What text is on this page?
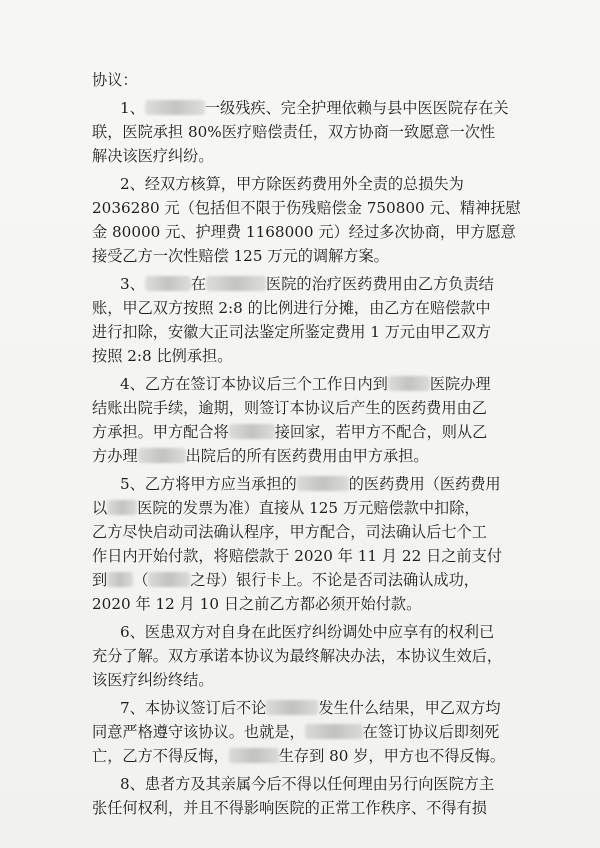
协议：
1、	一级残疾、完全护理依赖与县中医医院存在关
联，医院承担 80%医疗赔偿责任，双方协商一致愿意一次性
解决该医疗纠纷。
2、经双方核算，甲方除医药费用外全责的总损失为
2036280 元（包括但不限于伤残赔偿金 750800 元、精神抚慰
金 80000 元、护理费 1168000 元）经过多次协商，甲方愿意
接受乙方一次性赔偿 125 万元的调解方案。
3、	在	医院的治疗医药费用由乙方负责结
账，甲乙双方按照 2:8 的比例进行分摊，由乙方在赔偿款中
进行扣除，安徽大正司法鉴定所鉴定费用 1 万元由甲乙双方
按照 2:8 比例承担。
4、乙方在签订本协议后三个工作日内到	医院办理
结账出院手续，逾期，则签订本协议后产生的医药费用由乙
方承担。甲方配合将	接回家，若甲方不配合，则从乙
方办理	出院后的所有医药费用由甲方承担。
5、乙方将甲方应当承担的	的医药费用（医药费用
以 医院的发票为准）直接从 125 万元赔偿款中扣除，
乙方尽快启动司法确认程序，甲方配合，司法确认后七个工
作日内开始付款，将赔偿款于 2020 年 11 月 22 日之前支付
到 （	之母）银行卡上。不论是否司法确认成功，
2020 年 12 月 10 日之前乙方都必须开始付款。
6、医患双方对自身在此医疗纠纷调处中应享有的权利已
充分了解。双方承诺本协议为最终解决办法，本协议生效后，
该医疗纠纷终结。
7、本协议签订后不论	发生什么结果，甲乙双方均
同意严格遵守该协议。也就是，	在签订协议后即刻死
亡，乙方不得反悔，	生存到 80 岁，甲方也不得反悔。
8、患者方及其亲属今后不得以任何理由另行向医院方主
张任何权利，并且不得影响医院的正常工作秩序、不得有损
